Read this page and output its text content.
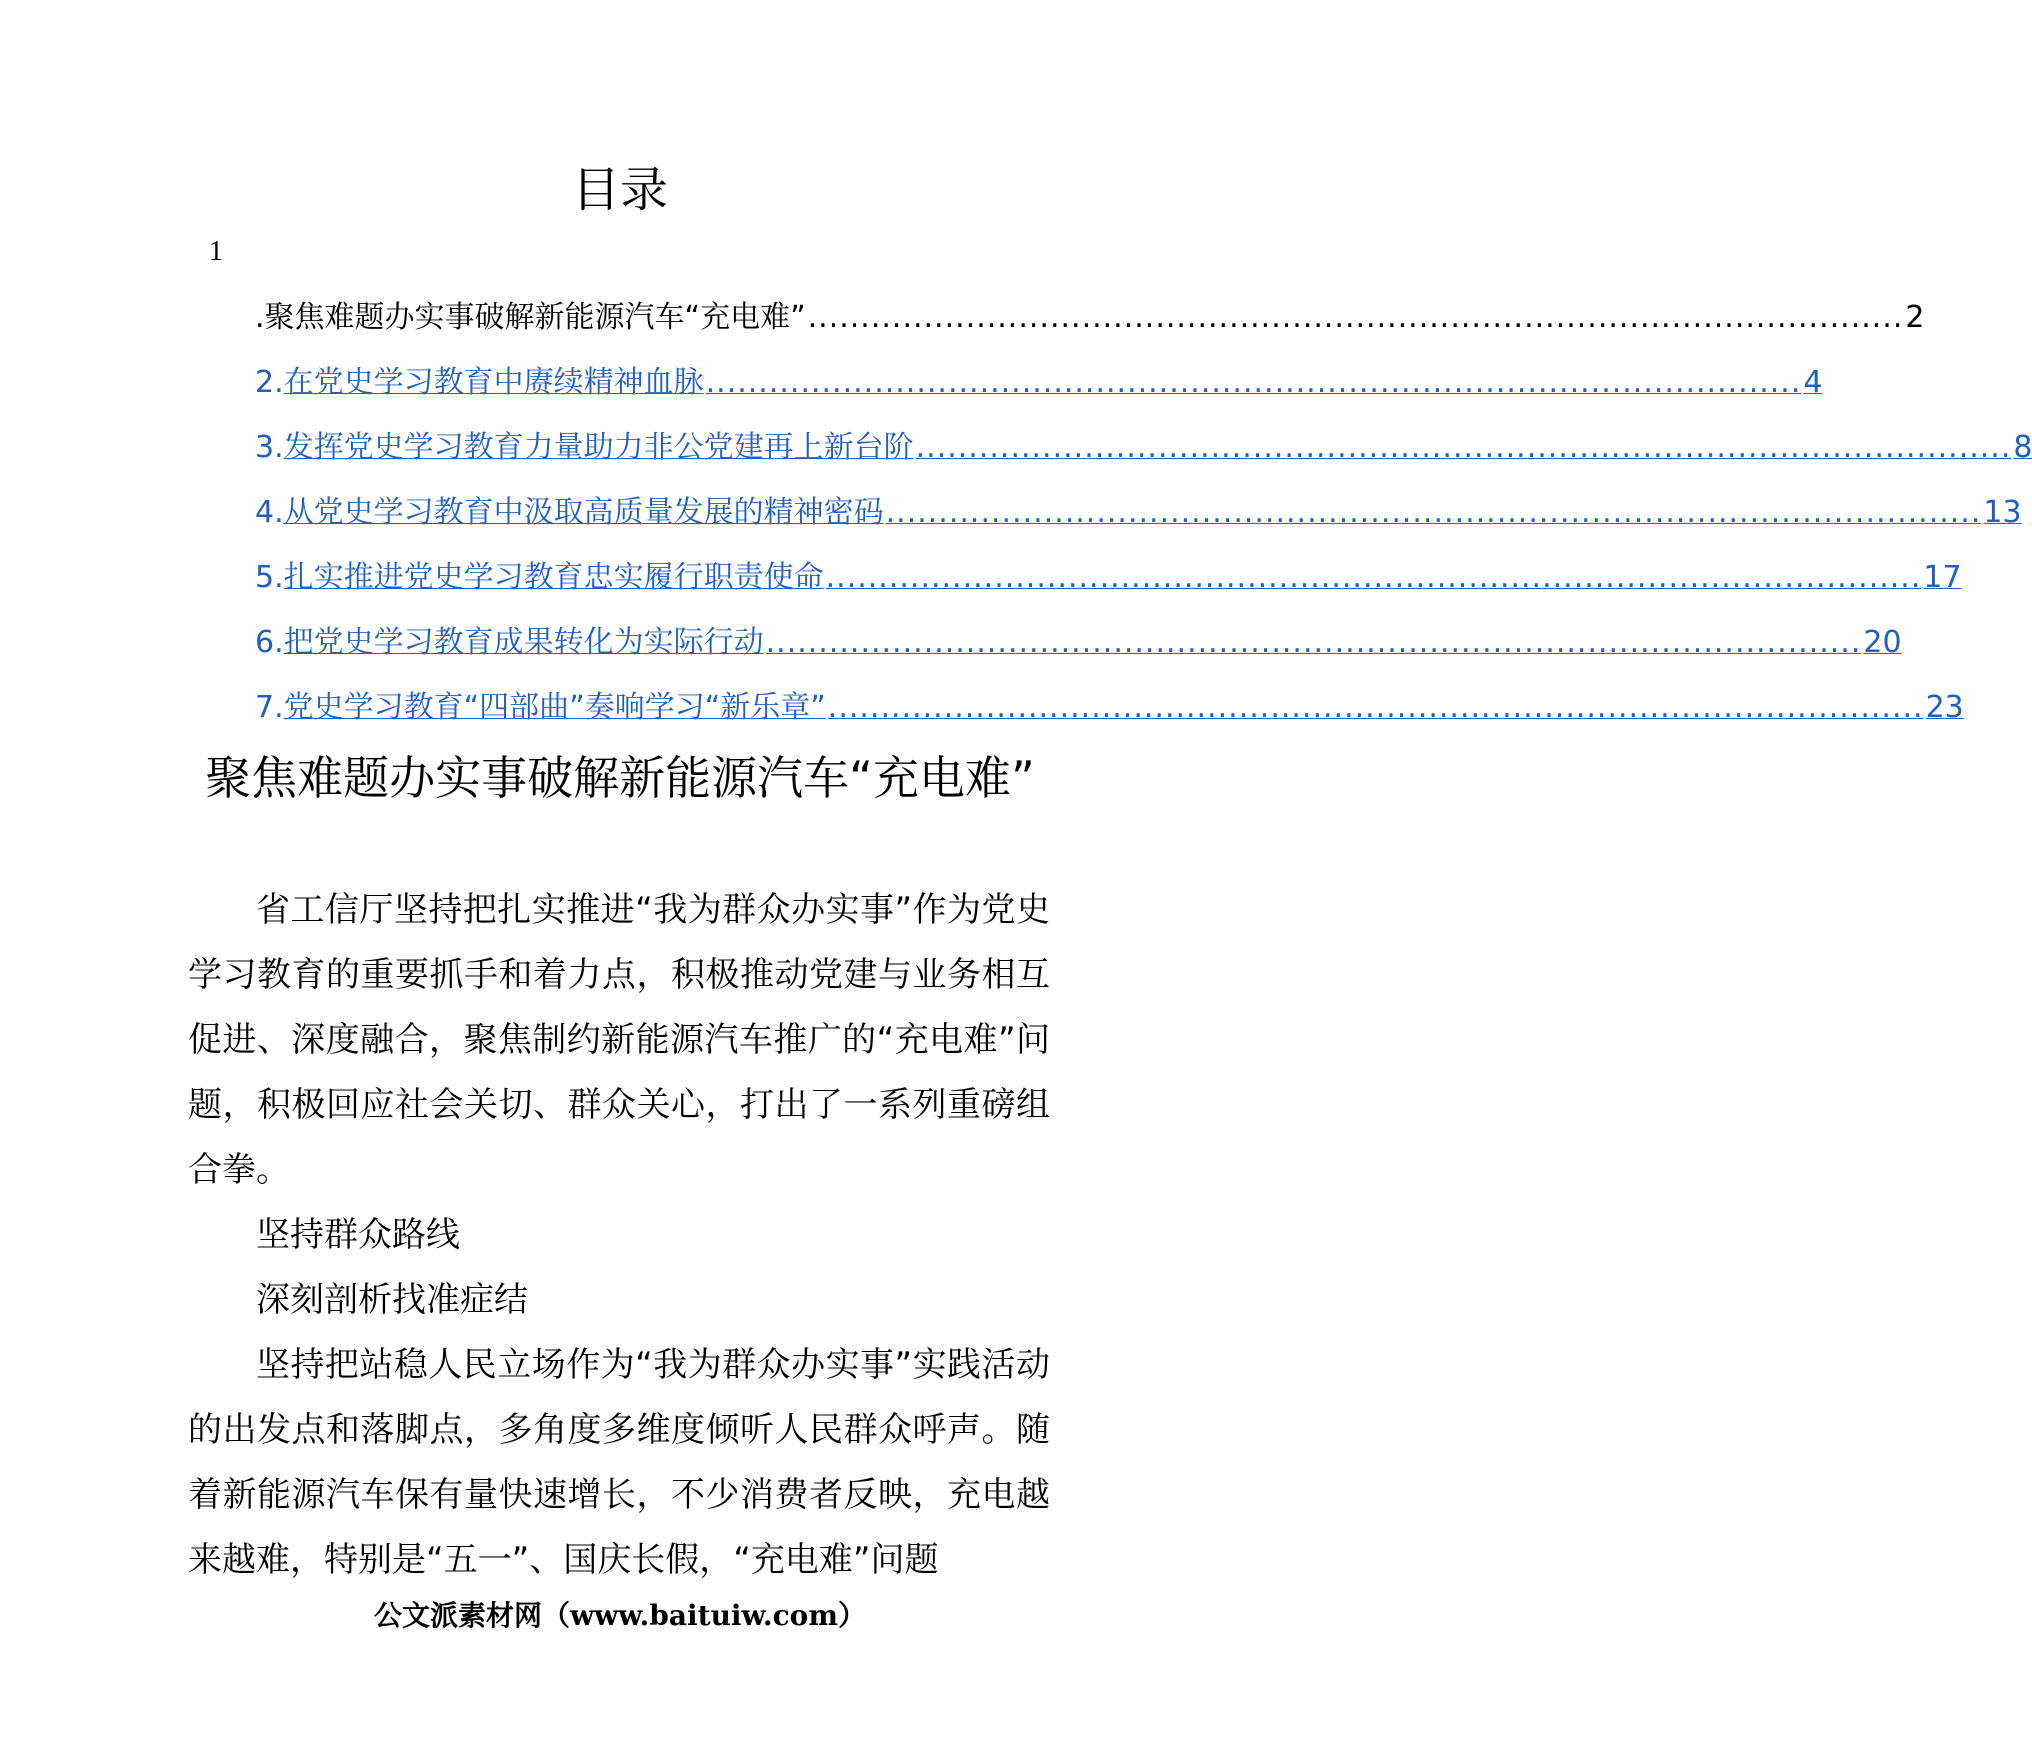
目录
1
.聚焦难题办实事破解新能源汽车“充电难” ........................................................................................................ 2
2.在党史学习教育中赓续精神血脉 ........................................................................................................ 4
3.发挥党史学习教育力量助力非公党建再上新台阶 ........................................................................................................ 8
4.从党史学习教育中汲取高质量发展的精神密码 ........................................................................................................ 13
5.扎实推进党史学习教育忠实履行职责使命 ........................................................................................................ 17
6.把党史学习教育成果转化为实际行动 ........................................................................................................ 20
7.党史学习教育“四部曲”奏响学习“新乐章” ........................................................................................................ 23
聚焦难题办实事破解新能源汽车“充电难”

省工信厅坚持把扎实推进“我为群众办实事”作为党史学习教育的重要抓手和着力点，积极推动党建与业务相互促进、深度融合，聚焦制约新能源汽车推广的“充电难”问题，积极回应社会关切、群众关心，打出了一系列重磅组合拳。

坚持群众路线

深刻剖析找准症结

坚持把站稳人民立场作为“我为群众办实事”实践活动的出发点和落脚点，多角度多维度倾听人民群众呼声。随着新能源汽车保有量快速增长，不少消费者反映，充电越来越难，特别是“五一”、国庆长假，“充电难”问题

公文派素材网（www.baituiw.com）
